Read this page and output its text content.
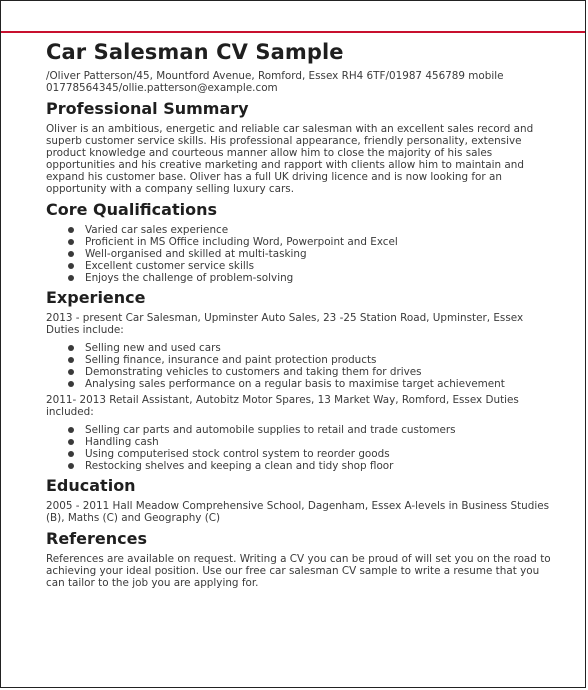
Car Salesman CV Sample
/Oliver Patterson/45, Mountford Avenue, Romford, Essex RH4 6TF/01987 456789 mobile 01778564345/ollie.patterson@example.com
Professional Summary
Oliver is an ambitious, energetic and reliable car salesman with an excellent sales record and superb customer service skills. His professional appearance, friendly personality, extensive product knowledge and courteous manner allow him to close the majority of his sales opportunities and his creative marketing and rapport with clients allow him to maintain and expand his customer base. Oliver has a full UK driving licence and is now looking for an opportunity with a company selling luxury cars.
Core Qualifications
Varied car sales experience
Proficient in MS Office including Word, Powerpoint and Excel
Well-organised and skilled at multi-tasking
Excellent customer service skills
Enjoys the challenge of problem-solving
Experience
2013 - present Car Salesman, Upminster Auto Sales, 23 -25 Station Road, Upminster, Essex Duties include:
Selling new and used cars
Selling finance, insurance and paint protection products
Demonstrating vehicles to customers and taking them for drives
Analysing sales performance on a regular basis to maximise target achievement
2011- 2013 Retail Assistant, Autobitz Motor Spares, 13 Market Way, Romford, Essex Duties included:
Selling car parts and automobile supplies to retail and trade customers
Handling cash
Using computerised stock control system to reorder goods
Restocking shelves and keeping a clean and tidy shop floor
Education
2005 - 2011 Hall Meadow Comprehensive School, Dagenham, Essex A-levels in Business Studies (B), Maths (C) and Geography (C)
References
References are available on request. Writing a CV you can be proud of will set you on the road to achieving your ideal position. Use our free car salesman CV sample to write a resume that you can tailor to the job you are applying for.
